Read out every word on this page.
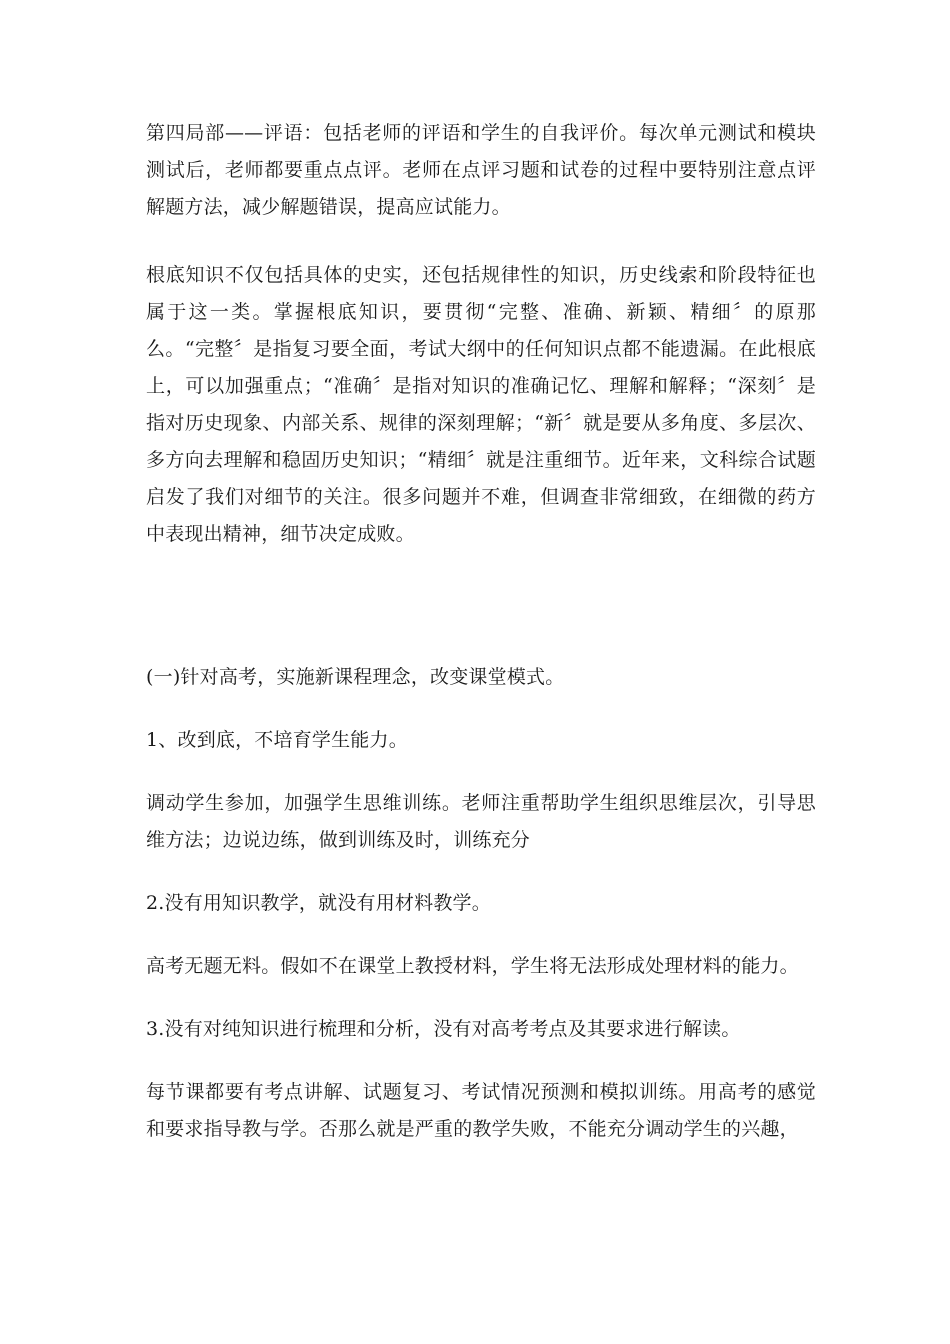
第四局部——评语：包括老师的评语和学生的自我评价。每次单元测试和模块测试后，老师都要重点点评。老师在点评习题和试卷的过程中要特别注意点评解题方法，减少解题错误，提高应试能力。

根底知识不仅包括具体的史实，还包括规律性的知识，历史线索和阶段特征也属于这一类。掌握根底知识，要贯彻“完整、准确、新颖、精细〞的原那么。“完整〞是指复习要全面，考试大纲中的任何知识点都不能遗漏。在此根底上，可以加强重点；“准确〞是指对知识的准确记忆、理解和解释；“深刻〞是指对历史现象、内部关系、规律的深刻理解；“新〞就是要从多角度、多层次、多方向去理解和稳固历史知识；“精细〞就是注重细节。近年来，文科综合试题启发了我们对细节的关注。很多问题并不难，但调查非常细致，在细微的药方中表现出精神，细节决定成败。

(一)针对高考，实施新课程理念，改变课堂模式。

1、改到底，不培育学生能力。

调动学生参加，加强学生思维训练。老师注重帮助学生组织思维层次，引导思维方法；边说边练，做到训练及时，训练充分

2.没有用知识教学，就没有用材料教学。

高考无题无料。假如不在课堂上教授材料，学生将无法形成处理材料的能力。

3.没有对纯知识进行梳理和分析，没有对高考考点及其要求进行解读。

每节课都要有考点讲解、试题复习、考试情况预测和模拟训练。用高考的感觉和要求指导教与学。否那么就是严重的教学失败，不能充分调动学生的兴趣，
